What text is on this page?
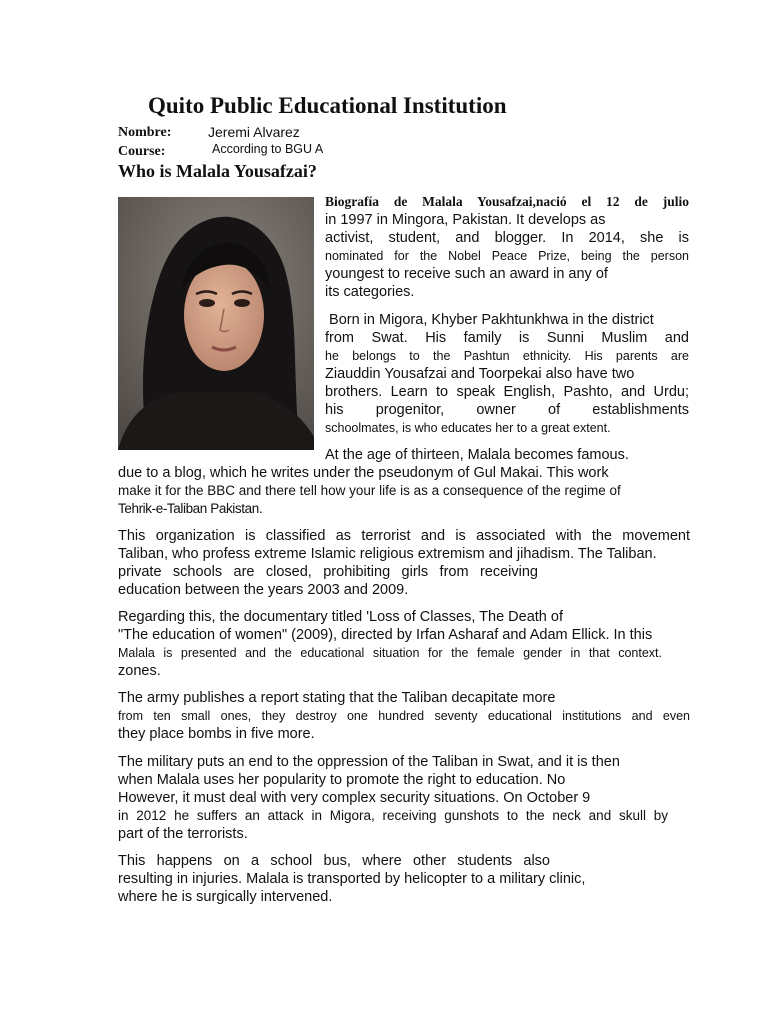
Quito Public Educational Institution
Nombre:	Jeremi Alvarez
Course:	According to BGU A
Who is Malala Yousafzai?
Biografía de Malala Yousafzai,nació el 12 de julio
in 1997 in Mingora, Pakistan. It develops as
activist, student, and blogger. In 2014, she is
nominated for the Nobel Peace Prize, being the person
youngest to receive such an award in any of
its categories.
Born in Migora, Khyber Pakhtunkhwa in the district
from Swat. His family is Sunni Muslim and
he belongs to the Pashtun ethnicity. His parents are
Ziauddin Yousafzai and Toorpekai also have two
brothers. Learn to speak English, Pashto, and Urdu;
his progenitor, owner of establishments
schoolmates, is who educates her to a great extent.
At the age of thirteen, Malala becomes famous.
due to a blog, which he writes under the pseudonym of Gul Makai. This work
make it for the BBC and there tell how your life is as a consequence of the regime of
Tehrik-e-Taliban Pakistan.
This organization is classified as terrorist and is associated with the movement
Taliban, who profess extreme Islamic religious extremism and jihadism. The Taliban.
private schools are closed, prohibiting girls from receiving
education between the years 2003 and 2009.
Regarding this, the documentary titled 'Loss of Classes, The Death of
"The education of women" (2009), directed by Irfan Asharaf and Adam Ellick. In this
Malala is presented and the educational situation for the female gender in that context.
zones.
The army publishes a report stating that the Taliban decapitate more
from ten small ones, they destroy one hundred seventy educational institutions and even
they place bombs in five more.
The military puts an end to the oppression of the Taliban in Swat, and it is then
when Malala uses her popularity to promote the right to education. No
However, it must deal with very complex security situations. On October 9
in 2012 he suffers an attack in Migora, receiving gunshots to the neck and skull by
part of the terrorists.
This happens on a school bus, where other students also
resulting in injuries. Malala is transported by helicopter to a military clinic,
where he is surgically intervened.
